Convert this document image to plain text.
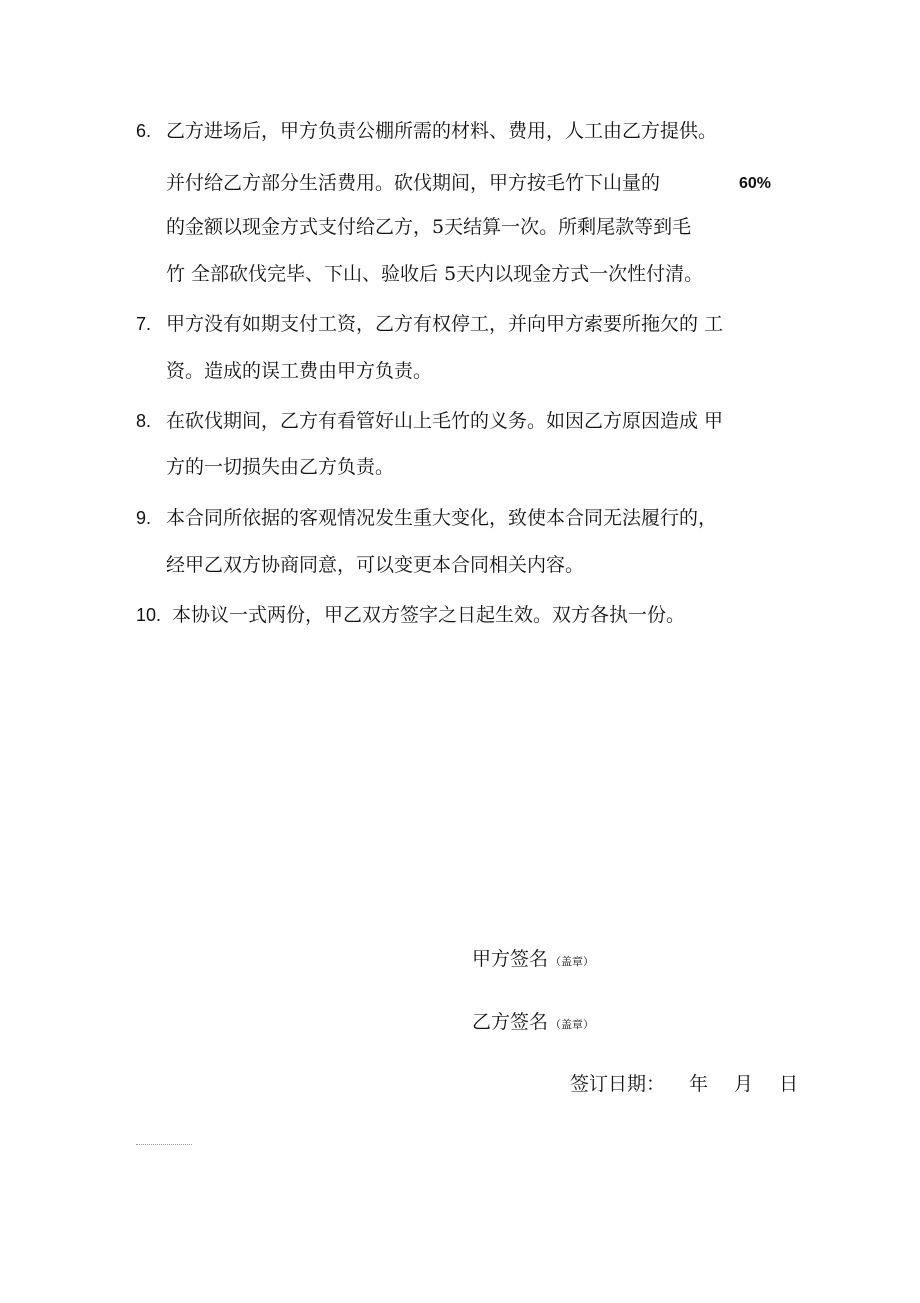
6. 乙方进场后，甲方负责公棚所需的材料、费用，人工由乙方提供。
并付给乙方部分生活费用。砍伐期间，甲方按毛竹下山量的	60%
的金额以现金方式支付给乙方，5天结算一次。所剩尾款等到毛
竹 全部砍伐完毕、下山、验收后 5天内以现金方式一次性付清。
7. 甲方没有如期支付工资，乙方有权停工，并向甲方索要所拖欠的 工
资。造成的误工费由甲方负责。
8. 在砍伐期间，乙方有看管好山上毛竹的义务。如因乙方原因造成 甲
方的一切损失由乙方负责。
9. 本合同所依据的客观情况发生重大变化，致使本合同无法履行的，
经甲乙双方协商同意，可以变更本合同相关内容。
10. 本协议一式两份，甲乙双方签字之日起生效。双方各执一份。
甲方签名 （盖章）
乙方签名 （盖章）
签订日期： 年 月 日
